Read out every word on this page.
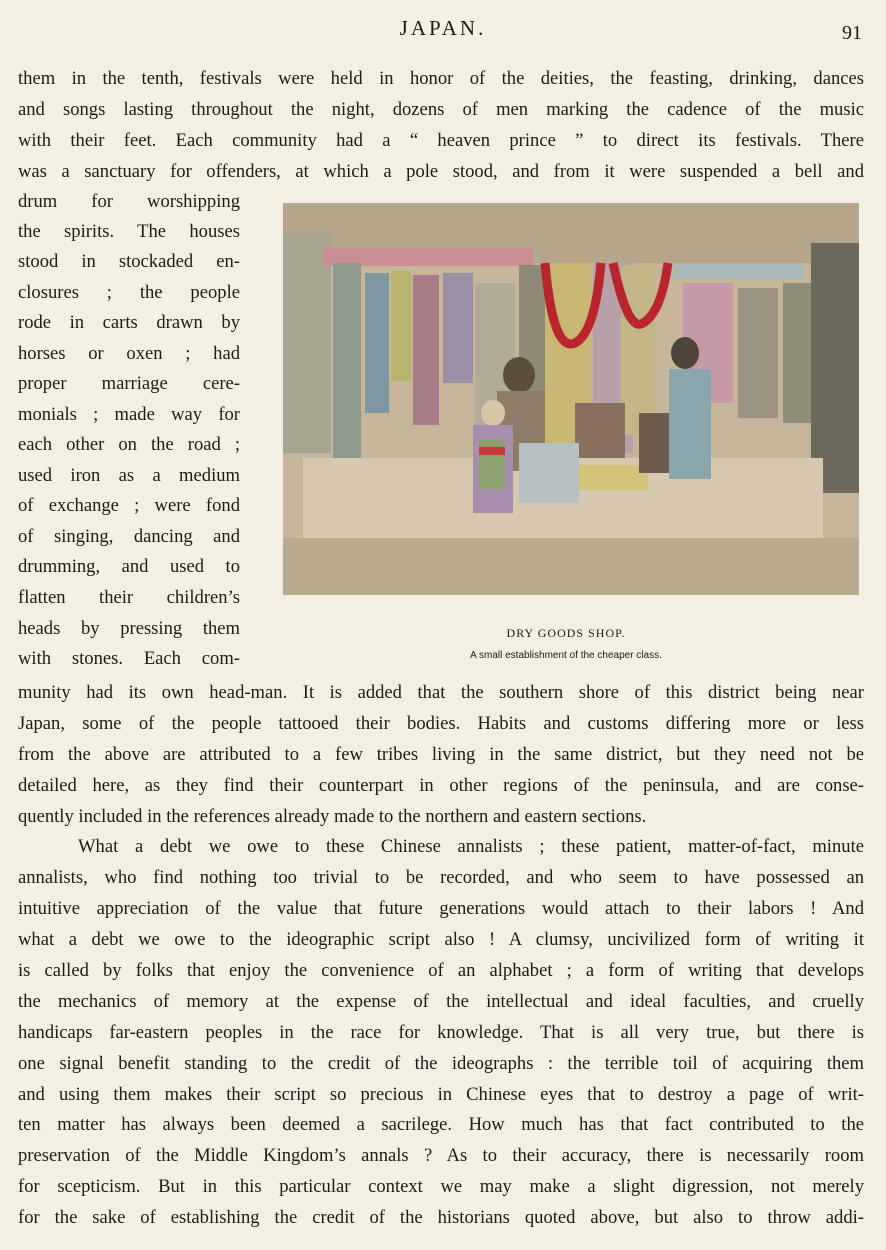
JAPAN.	91
them in the tenth, festivals were held in honor of the deities, the feasting, drinking, dances
and songs lasting throughout the night, dozens of men marking the cadence of the music
with their feet. Each community had a “ heaven prince ” to direct its festivals. There
was a sanctuary for offenders, at which a pole stood, and from it were suspended a bell and
drum for worshipping
the spirits. The houses
stood in stockaded en-
closures ; the people
rode in carts drawn by
horses or oxen ; had
proper marriage cere-
monials ; made way for
each other on the road ;
used iron as a medium
of exchange ; were fond
of singing, dancing and
drumming, and used to
flatten their children’s
heads by pressing them
with stones. Each com-
DRY GOODS SHOP.
A small establishment of the cheaper class.
munity had its own head-man. It is added that the southern shore of this district being near
Japan, some of the people tattooed their bodies. Habits and customs differing more or less
from the above are attributed to a few tribes living in the same district, but they need not be
detailed here, as they find their counterpart in other regions of the peninsula, and are conse-
quently included in the references already made to the northern and eastern sections.
What a debt we owe to these Chinese annalists ; these patient, matter-of-fact, minute
annalists, who find nothing too trivial to be recorded, and who seem to have possessed an
intuitive appreciation of the value that future generations would attach to their labors ! And
what a debt we owe to the ideographic script also ! A clumsy, uncivilized form of writing it
is called by folks that enjoy the convenience of an alphabet ; a form of writing that develops
the mechanics of memory at the expense of the intellectual and ideal faculties, and cruelly
handicaps far-eastern peoples in the race for knowledge. That is all very true, but there is
one signal benefit standing to the credit of the ideographs : the terrible toil of acquiring them
and using them makes their script so precious in Chinese eyes that to destroy a page of writ-
ten matter has always been deemed a sacrilege. How much has that fact contributed to the
preservation of the Middle Kingdom’s annals ? As to their accuracy, there is necessarily room
for scepticism. But in this particular context we may make a slight digression, not merely
for the sake of establishing the credit of the historians quoted above, but also to throw addi-
